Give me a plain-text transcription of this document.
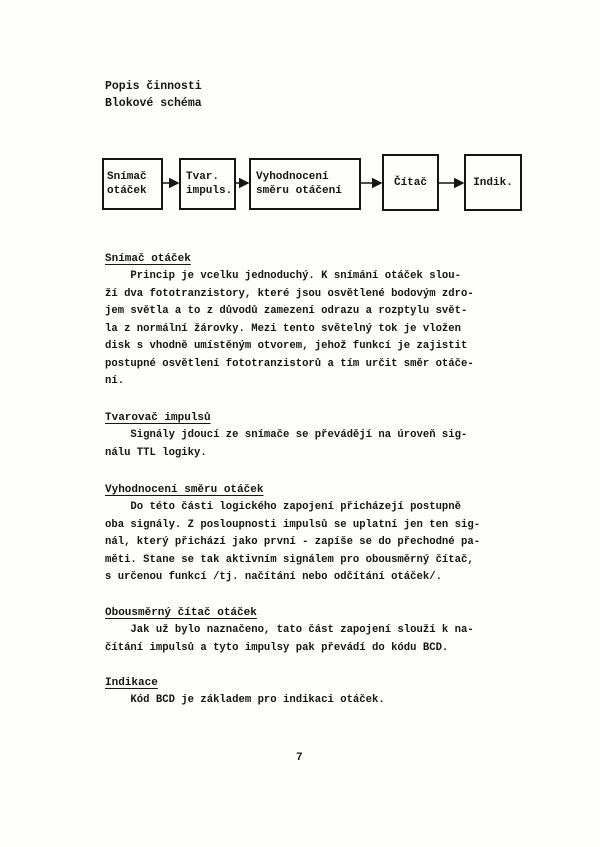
Popis činnosti
Blokové schéma
Snímač
otáček
Tvar.
impuls.
Vyhodnocení
směru otáčení
Čítač	Indik.
Snímač otáček
Princip je vcelku jednoduchý. K snímání otáček slou-
ží dva fototranzistory, které jsou osvětlené bodovým zdro-
jem světla a to z důvodů zamezení odrazu a rozptylu svět-
la z normální žárovky. Mezi tento světelný tok je vložen
disk s vhodně umístěným otvorem, jehož funkcí je zajistit
postupné osvětlení fototranzistorů a tím určit směr otáče-
ní.
Tvarovač impulsů
Signály jdoucí ze snímače se převádějí na úroveň sig-
nálu TTL logiky.
Vyhodnocení směru otáček
Do této části logického zapojení přicházejí postupně
oba signály. Z posloupnosti impulsů se uplatní jen ten sig-
nál, který přichází jako první - zapíše se do přechodné pa-
měti. Stane se tak aktivním signálem pro obousměrný čítač,
s určenou funkcí /tj. načítání nebo odčítání otáček/.
Obousměrný čítač otáček
Jak už bylo naznačeno, tato část zapojení slouží k na-
čítání impulsů a tyto impulsy pak převádí do kódu BCD.
Indikace
Kód BCD je základem pro indikaci otáček.
7
